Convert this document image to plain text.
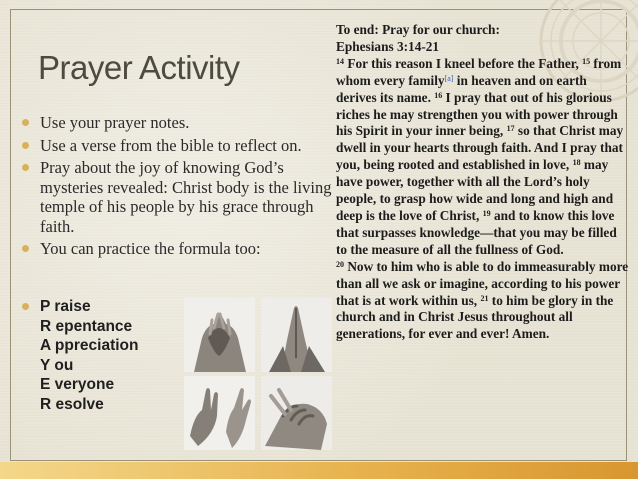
Prayer Activity
Use your prayer notes.
Use a verse from the bible to reflect on.
Pray about the joy of knowing God’s mysteries revealed: Christ body is the living temple of his people by his grace through faith.
You can practice the formula too:
P raise
R epentance
A ppreciation
Y ou
E veryone
R esolve

To end: Pray for our church:

Ephesians 3:14-21

$^{14}$ For this reason I kneel before the Father, $^{15}$ from whom every family[a] in heaven and on earth derives its name. $^{16}$ I pray that out of his glorious riches he may strengthen you with power through his Spirit in your inner being, $^{17}$ so that Christ may dwell in your hearts through faith. And I pray that you, being rooted and established in love, $^{18}$ may have power, together with all the Lord’s holy people, to grasp how wide and long and high and deep is the love of Christ, $^{19}$ and to know this love that surpasses knowledge—that you may be filled to the measure of all the fullness of God.

$^{20}$ Now to him who is able to do immeasurably more than all we ask or imagine, according to his power that is at work within us, $^{21}$ to him be glory in the church and in Christ Jesus throughout all generations, for ever and ever! Amen.
